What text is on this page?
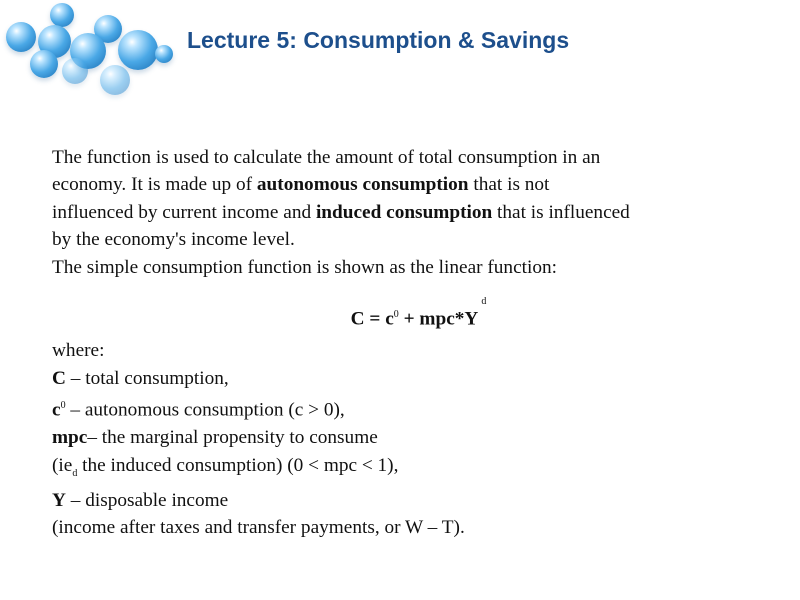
Lecture 5: Consumption & Savings

The function is used to calculate the amount of total consumption in an

economy. It is made up of autonomous consumption that is not

influenced by current income and induced consumption that is influenced

by the economy's income level.

The simple consumption function is shown as the linear function:

$C = c^0 + mpc*Yd$

where:

C – total consumption,

$c^0$ – autonomous consumption (c > 0),

mpc– the marginal propensity to consume

($ie_d$ the induced consumption) (0 < mpc < 1),

Y – disposable income

(income after taxes and transfer payments, or W – T).
